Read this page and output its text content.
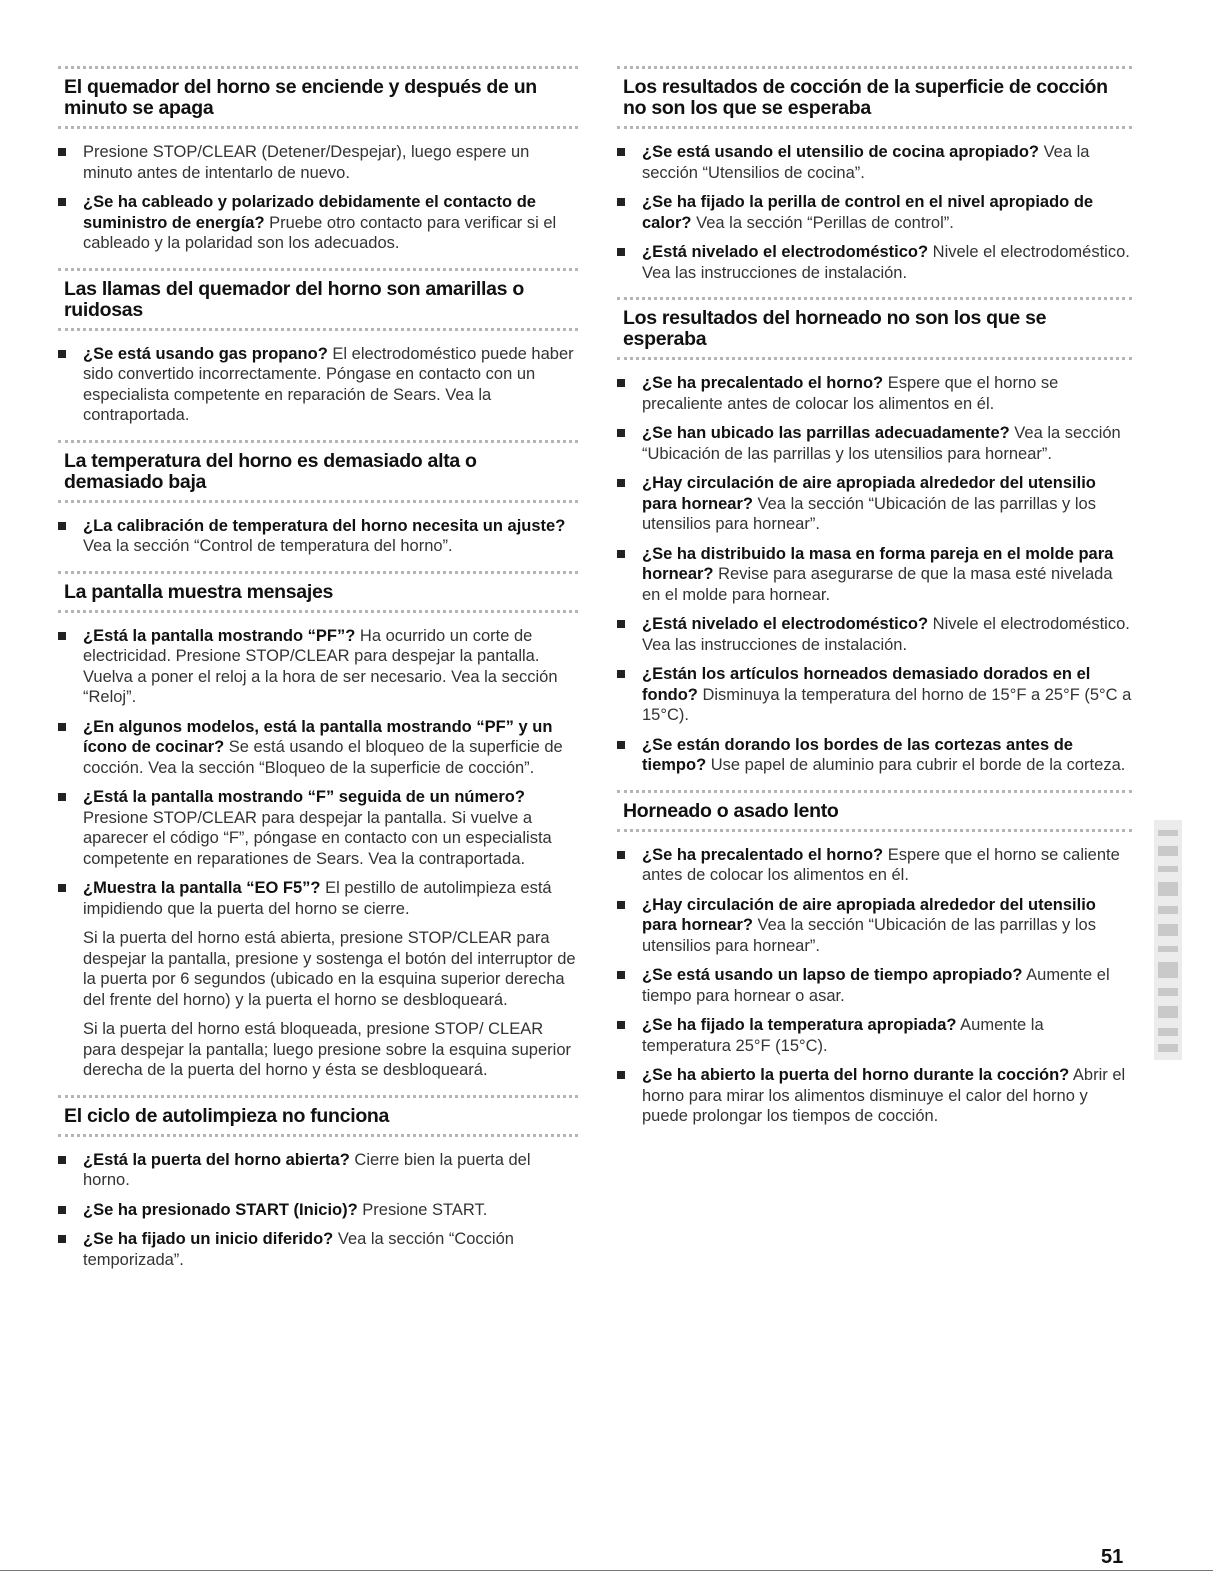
El quemador del horno se enciende y después de un minuto se apaga

Presione STOP/CLEAR (Detener/Despejar), luego espere un minuto antes de intentarlo de nuevo.

¿Se ha cableado y polarizado debidamente el contacto de suministro de energía? Pruebe otro contacto para verificar si el cableado y la polaridad son los adecuados.

Las llamas del quemador del horno son amarillas o ruidosas

¿Se está usando gas propano? El electrodoméstico puede haber sido convertido incorrectamente. Póngase en contacto con un especialista competente en reparación de Sears. Vea la contraportada.

La temperatura del horno es demasiado alta o demasiado baja

¿La calibración de temperatura del horno necesita un ajuste? Vea la sección “Control de temperatura del horno”.

La pantalla muestra mensajes

¿Está la pantalla mostrando “PF”? Ha ocurrido un corte de electricidad. Presione STOP/CLEAR para despejar la pantalla. Vuelva a poner el reloj a la hora de ser necesario. Vea la sección “Reloj”.

¿En algunos modelos, está la pantalla mostrando “PF” y un ícono de cocinar? Se está usando el bloqueo de la superficie de cocción. Vea la sección “Bloqueo de la superficie de cocción”.

¿Está la pantalla mostrando “F” seguida de un número? Presione STOP/CLEAR para despejar la pantalla. Si vuelve a aparecer el código “F”, póngase en contacto con un especialista competente en reparationes de Sears. Vea la contraportada.

¿Muestra la pantalla “EO F5”? El pestillo de autolimpieza está impidiendo que la puerta del horno se cierre.

Si la puerta del horno está abierta, presione STOP/CLEAR para despejar la pantalla, presione y sostenga el botón del interruptor de la puerta por 6 segundos (ubicado en la esquina superior derecha del frente del horno) y la puerta el horno se desbloqueará.

Si la puerta del horno está bloqueada, presione STOP/ CLEAR para despejar la pantalla; luego presione sobre la esquina superior derecha de la puerta del horno y ésta se desbloqueará.

El ciclo de autolimpieza no funciona

¿Está la puerta del horno abierta? Cierre bien la puerta del horno.

¿Se ha presionado START (Inicio)? Presione START.

¿Se ha fijado un inicio diferido? Vea la sección “Cocción temporizada”.

Los resultados de cocción de la superficie de cocción no son los que se esperaba

¿Se está usando el utensilio de cocina apropiado? Vea la sección “Utensilios de cocina”.

¿Se ha fijado la perilla de control en el nivel apropiado de calor? Vea la sección “Perillas de control”.

¿Está nivelado el electrodoméstico? Nivele el electrodoméstico. Vea las instrucciones de instalación.

Los resultados del horneado no son los que se esperaba

¿Se ha precalentado el horno? Espere que el horno se precaliente antes de colocar los alimentos en él.

¿Se han ubicado las parrillas adecuadamente? Vea la sección “Ubicación de las parrillas y los utensilios para hornear”.

¿Hay circulación de aire apropiada alrededor del utensilio para hornear? Vea la sección “Ubicación de las parrillas y los utensilios para hornear”.

¿Se ha distribuido la masa en forma pareja en el molde para hornear? Revise para asegurarse de que la masa esté nivelada en el molde para hornear.

¿Está nivelado el electrodoméstico? Nivele el electrodoméstico. Vea las instrucciones de instalación.

¿Están los artículos horneados demasiado dorados en el fondo? Disminuya la temperatura del horno de 15°F a 25°F (5°C a 15°C).

¿Se están dorando los bordes de las cortezas antes de tiempo? Use papel de aluminio para cubrir el borde de la corteza.

Horneado o asado lento

¿Se ha precalentado el horno? Espere que el horno se caliente antes de colocar los alimentos en él.

¿Hay circulación de aire apropiada alrededor del utensilio para hornear? Vea la sección “Ubicación de las parrillas y los utensilios para hornear”.

¿Se está usando un lapso de tiempo apropiado? Aumente el tiempo para hornear o asar.

¿Se ha fijado la temperatura apropiada? Aumente la temperatura 25°F (15°C).

¿Se ha abierto la puerta del horno durante la cocción? Abrir el horno para mirar los alimentos disminuye el calor del horno y puede prolongar los tiempos de cocción.

51
